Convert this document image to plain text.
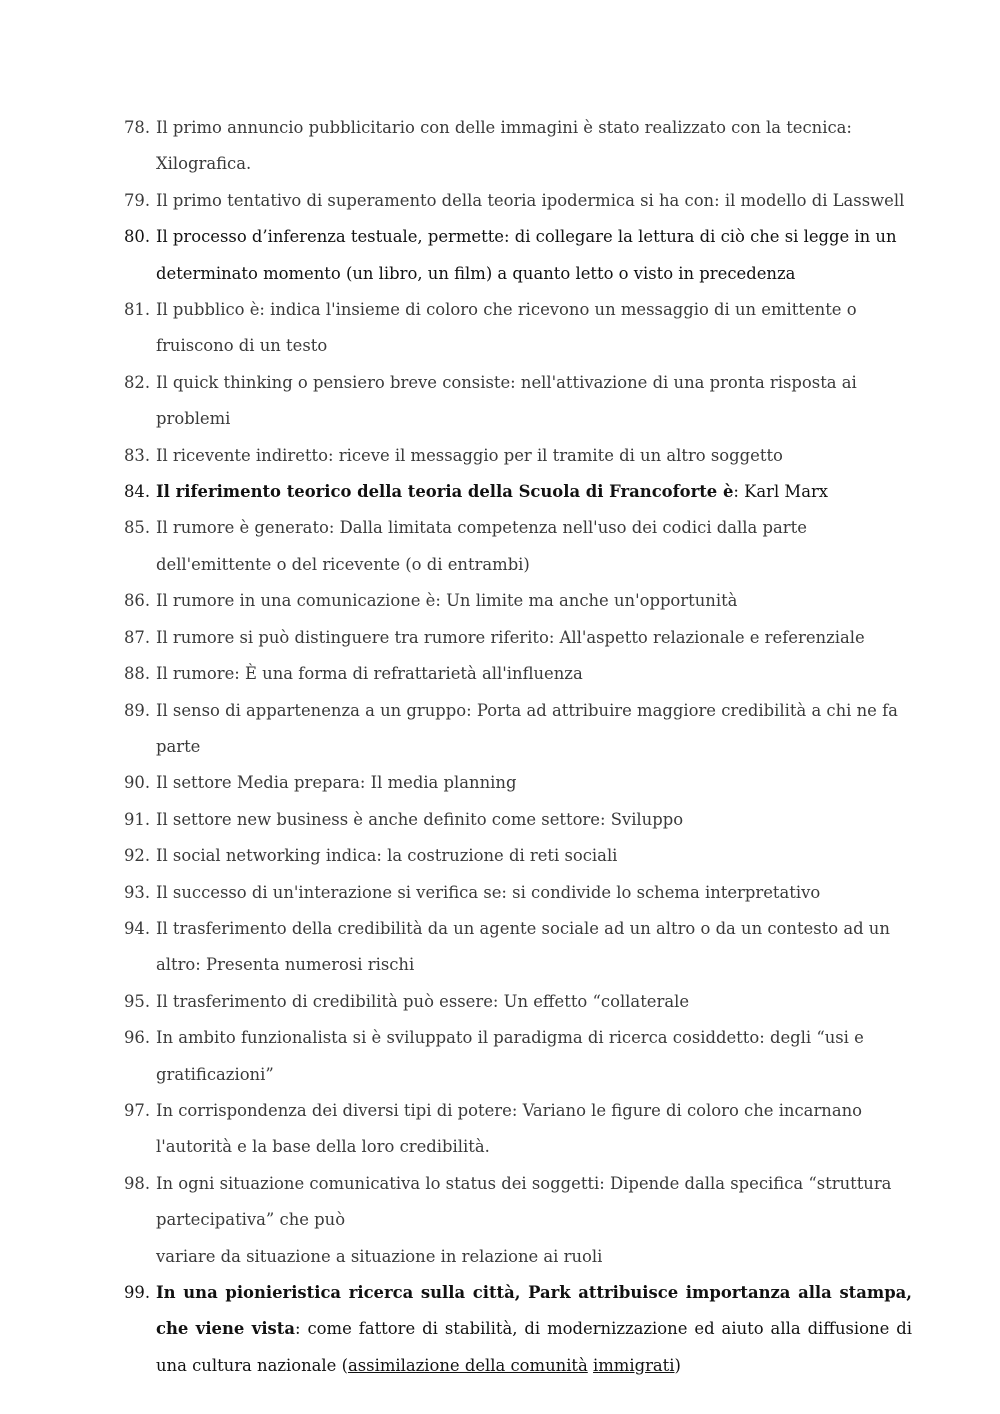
78. Il primo annuncio pubblicitario con delle immagini è stato realizzato con la tecnica: Xilografica.
79. Il primo tentativo di superamento della teoria ipodermica si ha con: il modello di Lasswell
80. Il processo d’inferenza testuale, permette: di collegare la lettura di ciò che si legge in un determinato momento (un libro, un film) a quanto letto o visto in precedenza
81. Il pubblico è: indica l'insieme di coloro che ricevono un messaggio di un emittente o fruiscono di un testo
82. Il quick thinking o pensiero breve consiste: nell'attivazione di una pronta risposta ai problemi
83. Il ricevente indiretto: riceve il messaggio per il tramite di un altro soggetto
84. Il riferimento teorico della teoria della Scuola di Francoforte è: Karl Marx
85. Il rumore è generato: Dalla limitata competenza nell'uso dei codici dalla parte dell'emittente o del ricevente (o di entrambi)
86. Il rumore in una comunicazione è: Un limite ma anche un'opportunità
87. Il rumore si può distinguere tra rumore riferito: All'aspetto relazionale e referenziale
88. Il rumore: È una forma di refrattarietà all'influenza
89. Il senso di appartenenza a un gruppo: Porta ad attribuire maggiore credibilità a chi ne fa parte
90. Il settore Media prepara: Il media planning
91. Il settore new business è anche definito come settore: Sviluppo
92. Il social networking indica: la costruzione di reti sociali
93. Il successo di un'interazione si verifica se: si condivide lo schema interpretativo
94. Il trasferimento della credibilità da un agente sociale ad un altro o da un contesto ad un altro: Presenta numerosi rischi
95. Il trasferimento di credibilità può essere: Un effetto “collaterale
96. In ambito funzionalista si è sviluppato il paradigma di ricerca cosiddetto: degli “usi e gratificazioni”
97. In corrispondenza dei diversi tipi di potere: Variano le figure di coloro che incarnano l'autorità e la base della loro credibilità.
98. In ogni situazione comunicativa lo status dei soggetti: Dipende dalla specifica “struttura partecipativa” che può
variare da situazione a situazione in relazione ai ruoli
99. In una pionieristica ricerca sulla città, Park attribuisce importanza alla stampa, che viene vista: come fattore di stabilità, di modernizzazione ed aiuto alla diffusione di una cultura nazionale (assimilazione della comunità immigrati)
